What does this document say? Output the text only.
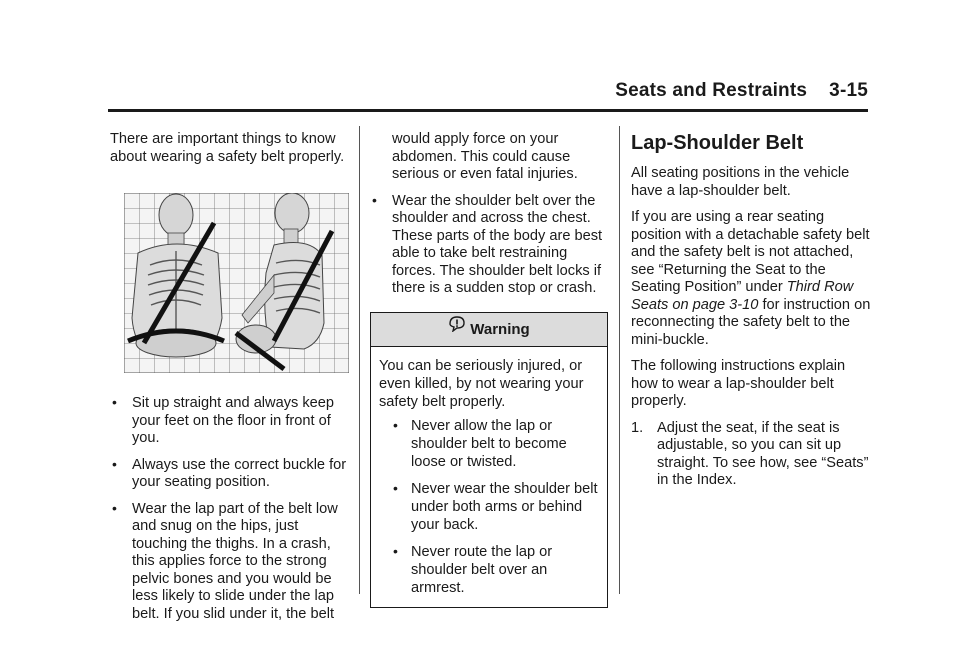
Seats and Restraints 3-15

There are important things to know about wearing a safety belt properly.

• Sit up straight and always keep your feet on the floor in front of you.
• Always use the correct buckle for your seating position.
• Wear the lap part of the belt low and snug on the hips, just touching the thighs. In a crash, this applies force to the strong pelvic bones and you would be less likely to slide under the lap belt. If you slid under it, the belt
would apply force on your abdomen. This could cause serious or even fatal injuries.
• Wear the shoulder belt over the shoulder and across the chest. These parts of the body are best able to take belt restraining forces. The shoulder belt locks if there is a sudden stop or crash.
Warning
You can be seriously injured, or even killed, by not wearing your safety belt properly.
• Never allow the lap or shoulder belt to become loose or twisted.
• Never wear the shoulder belt under both arms or behind your back.
• Never route the lap or shoulder belt over an armrest.
Lap-Shoulder Belt

All seating positions in the vehicle have a lap-shoulder belt.

If you are using a rear seating position with a detachable safety belt and the safety belt is not attached, see “Returning the Seat to the Seating Position” under Third Row Seats on page 3-10 for instruction on reconnecting the safety belt to the mini-buckle.

The following instructions explain how to wear a lap-shoulder belt properly.

1. Adjust the seat, if the seat is adjustable, so you can sit up straight. To see how, see “Seats” in the Index.
